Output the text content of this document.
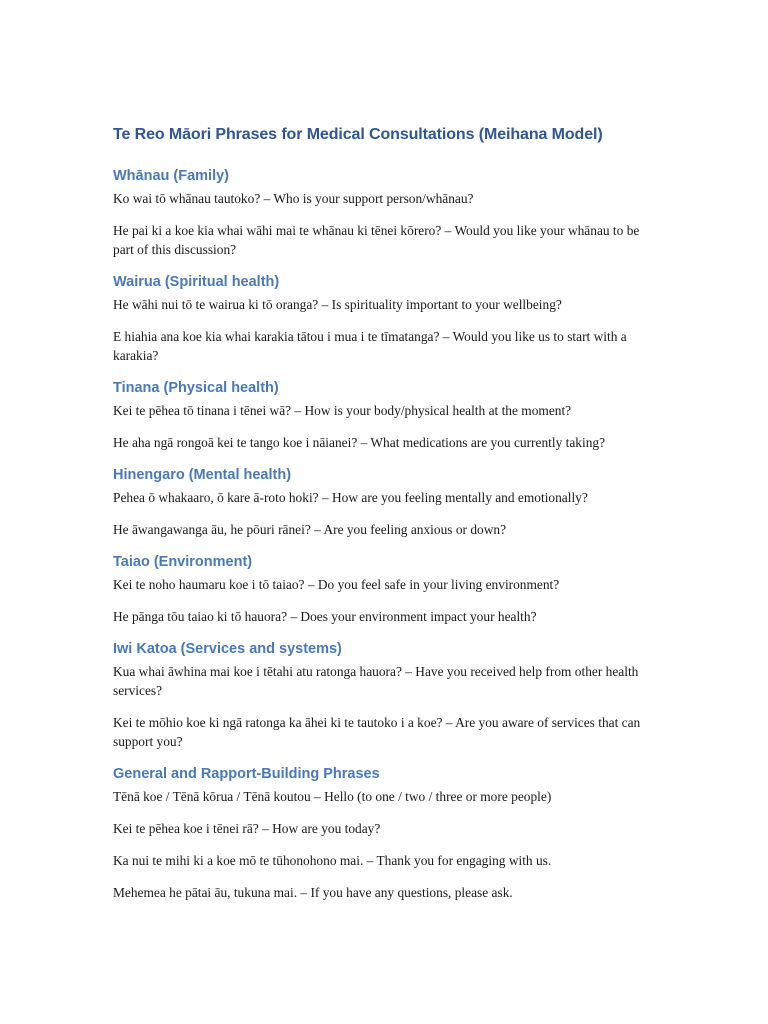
Te Reo Māori Phrases for Medical Consultations (Meihana Model)
Whānau (Family)

Ko wai tō whānau tautoko? – Who is your support person/whānau?

He pai ki a koe kia whai wāhi mai te whānau ki tēnei kōrero? – Would you like your whānau to be part of this discussion?

Wairua (Spiritual health)

He wāhi nui tō te wairua ki tō oranga? – Is spirituality important to your wellbeing?

E hiahia ana koe kia whai karakia tātou i mua i te tīmatanga? – Would you like us to start with a karakia?

Tinana (Physical health)

Kei te pēhea tō tinana i tēnei wā? – How is your body/physical health at the moment?

He aha ngā rongoā kei te tango koe i nāianei? – What medications are you currently taking?

Hinengaro (Mental health)

Pehea ō whakaaro, ō kare ā-roto hoki? – How are you feeling mentally and emotionally?

He āwangawanga āu, he pōuri rānei? – Are you feeling anxious or down?

Taiao (Environment)

Kei te noho haumaru koe i tō taiao? – Do you feel safe in your living environment?

He pānga tōu taiao ki tō hauora? – Does your environment impact your health?

Iwi Katoa (Services and systems)

Kua whai āwhina mai koe i tētahi atu ratonga hauora? – Have you received help from other health services?

Kei te mōhio koe ki ngā ratonga ka āhei ki te tautoko i a koe? – Are you aware of services that can support you?

General and Rapport-Building Phrases

Tēnā koe / Tēnā kōrua / Tēnā koutou – Hello (to one / two / three or more people)

Kei te pēhea koe i tēnei rā? – How are you today?

Ka nui te mihi ki a koe mō te tūhonohono mai. – Thank you for engaging with us.

Mehemea he pātai āu, tukuna mai. – If you have any questions, please ask.
